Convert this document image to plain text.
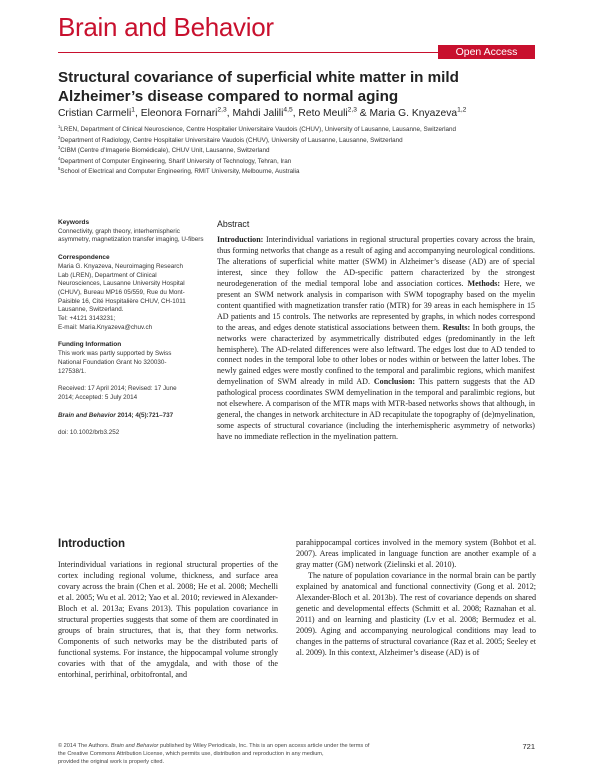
Brain and Behavior
Open Access
Structural covariance of superficial white matter in mild Alzheimer’s disease compared to normal aging
Cristian Carmeli$^1$, Eleonora Fornari$^{2,3}$, Mahdi Jalili$^{4,5}$, Reto Meuli$^{2,3}$ & Maria G. Knyazeva$^{1,2}$
$^1$LREN, Department of Clinical Neuroscience, Centre Hospitalier Universitaire Vaudois (CHUV), University of Lausanne, Lausanne, Switzerland
$^2$Department of Radiology, Centre Hospitalier Universitaire Vaudois (CHUV), University of Lausanne, Lausanne, Switzerland
$^3$CIBM (Centre d’Imagerie Biomédicale), CHUV Unit, Lausanne, Switzerland
$^4$Department of Computer Engineering, Sharif University of Technology, Tehran, Iran
$^5$School of Electrical and Computer Engineering, RMIT University, Melbourne, Australia
Keywords
Connectivity, graph theory, interhemispheric asymmetry, magnetization transfer imaging, U-fibers
Correspondence
Maria G. Knyazeva, Neuroimaging Research
Lab (LREN), Department of Clinical
Neurosciences, Lausanne University Hospital
(CHUV), Bureau MP16 05/559, Rue du Mont-
Paisible 16, Cité Hospitalière CHUV, CH-1011
Lausanne, Switzerland.
Tel: +4121 3143231;
E-mail: Maria.Knyazeva@chuv.ch
Funding Information
This work was partly supported by Swiss
National Foundation Grant No 320030-
127538/1.
Received: 17 April 2014; Revised: 17 June
2014; Accepted: 5 July 2014
Brain and Behavior 2014; 4(5):721–737
doi: 10.1002/brb3.252
Abstract
Introduction: Interindividual variations in regional structural properties covary across the brain, thus forming networks that change as a result of aging and accompanying neurological conditions. The alterations of superficial white matter (SWM) in Alzheimer’s disease (AD) are of special interest, since they follow the AD-specific pattern characterized by the strongest neurodegeneration of the medial temporal lobe and association cortices. Methods: Here, we present an SWM network analysis in comparison with SWM topography based on the myelin content quantified with magnetization transfer ratio (MTR) for 39 areas in each hemisphere in 15 AD patients and 15 controls. The networks are represented by graphs, in which nodes correspond to the areas, and edges denote statistical associations between them. Results: In both groups, the networks were characterized by asymmetrically distributed edges (predominantly in the left hemisphere). The AD-related differences were also leftward. The edges lost due to AD tended to connect nodes in the temporal lobe to other lobes or nodes within or between the latter lobes. The newly gained edges were mostly confined to the temporal and paralimbic regions, which manifest demyelination of SWM already in mild AD. Conclusion: This pattern suggests that the AD pathological process coordinates SWM demyelination in the temporal and paralimbic regions, but not elsewhere. A comparison of the MTR maps with MTR-based networks shows that although, in general, the changes in network architecture in AD recapitulate the topography of (de)myelination, some aspects of structural covariance (including the interhemispheric asymmetry of networks) have no immediate reflection in the myelination pattern.
Introduction

Interindividual variations in regional structural properties of the cortex including regional volume, thickness, and surface area covary across the brain (Chen et al. 2008; He et al. 2008; Mechelli et al. 2005; Wu et al. 2012; Yao et al. 2010; reviewed in Alexander-Bloch et al. 2013a; Evans 2013). This population covariance in structural properties suggests that some of them are coordinated in groups of brain structures, that is, that they form networks. Components of such networks may be the distributed parts of functional systems. For instance, the hippocampal volume strongly covaries with that of the amygdala, and with those of the entorhinal, perirhinal, orbitofrontal, and

parahippocampal cortices involved in the memory system (Bohbot et al. 2007). Areas implicated in language function are another example of a gray matter (GM) network (Zielinski et al. 2010).

The nature of population covariance in the normal brain can be partly explained by anatomical and functional connectivity (Gong et al. 2012; Alexander-Bloch et al. 2013b). The rest of covariance depends on shared genetic and developmental effects (Schmitt et al. 2008; Raznahan et al. 2011) and on learning and plasticity (Lv et al. 2008; Bermudez et al. 2009). Aging and accompanying neurological conditions may lead to changes in the patterns of structural covariance (Raz et al. 2005; Seeley et al. 2009). In this context, Alzheimer’s disease (AD) is of

© 2014 The Authors. Brain and Behavior published by Wiley Periodicals, Inc. This is an open access article under the terms of
the Creative Commons Attribution License, which permits use, distribution and reproduction in any medium,
provided the original work is properly cited.
721
